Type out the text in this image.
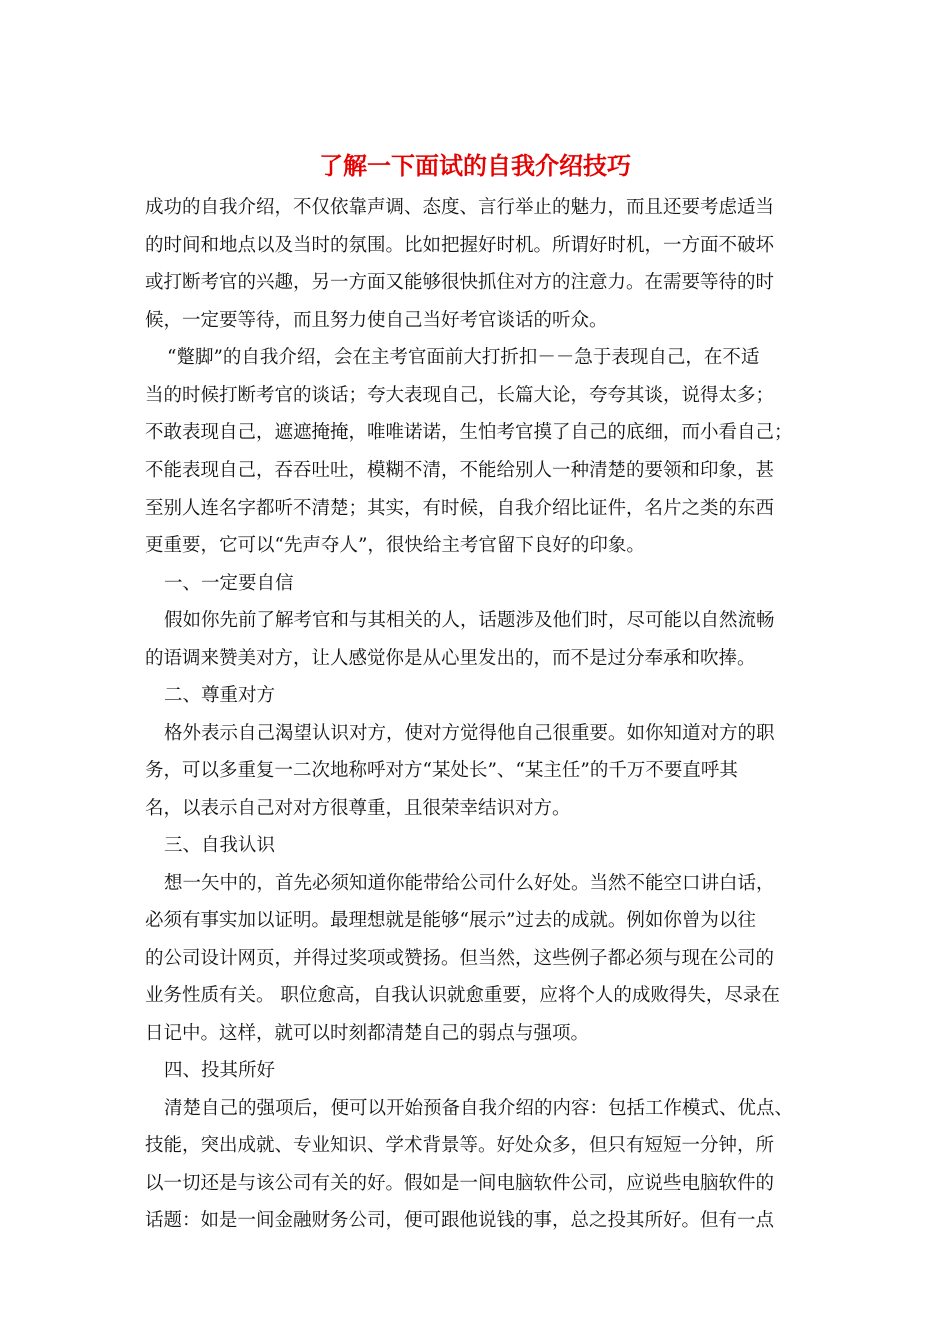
了解一下面试的自我介绍技巧

成功的自我介绍，不仅依靠声调、态度、言行举止的魅力，而且还要考虑适当

的时间和地点以及当时的氛围。比如把握好时机。所谓好时机，一方面不破坏

或打断考官的兴趣，另一方面又能够很快抓住对方的注意力。在需要等待的时

候，一定要等待，而且努力使自己当好考官谈话的听众。

“蹩脚”的自我介绍，会在主考官面前大打折扣－－急于表现自己，在不适

当的时候打断考官的谈话；夸大表现自己，长篇大论，夸夸其谈，说得太多；

不敢表现自己，遮遮掩掩，唯唯诺诺，生怕考官摸了自己的底细，而小看自己；

不能表现自己，吞吞吐吐，模糊不清，不能给别人一种清楚的要领和印象，甚

至别人连名字都听不清楚；其实，有时候，自我介绍比证件，名片之类的东西

更重要，它可以“先声夺人”，很快给主考官留下良好的印象。

一、一定要自信

假如你先前了解考官和与其相关的人，话题涉及他们时，尽可能以自然流畅

的语调来赞美对方，让人感觉你是从心里发出的，而不是过分奉承和吹捧。

二、尊重对方

格外表示自己渴望认识对方，使对方觉得他自己很重要。如你知道对方的职

务，可以多重复一二次地称呼对方“某处长”、“某主任”的千万不要直呼其

名，以表示自己对对方很尊重，且很荣幸结识对方。

三、自我认识

想一矢中的，首先必须知道你能带给公司什么好处。当然不能空口讲白话，

必须有事实加以证明。最理想就是能够“展示”过去的成就。例如你曾为以往

的公司设计网页，并得过奖项或赞扬。但当然，这些例子都必须与现在公司的

业务性质有关。 职位愈高，自我认识就愈重要，应将个人的成败得失，尽录在

日记中。这样，就可以时刻都清楚自己的弱点与强项。

四、投其所好

清楚自己的强项后，便可以开始预备自我介绍的内容：包括工作模式、优点、

技能，突出成就、专业知识、学术背景等。好处众多，但只有短短一分钟，所

以一切还是与该公司有关的好。假如是一间电脑软件公司，应说些电脑软件的

话题：如是一间金融财务公司，便可跟他说钱的事，总之投其所好。但有一点
